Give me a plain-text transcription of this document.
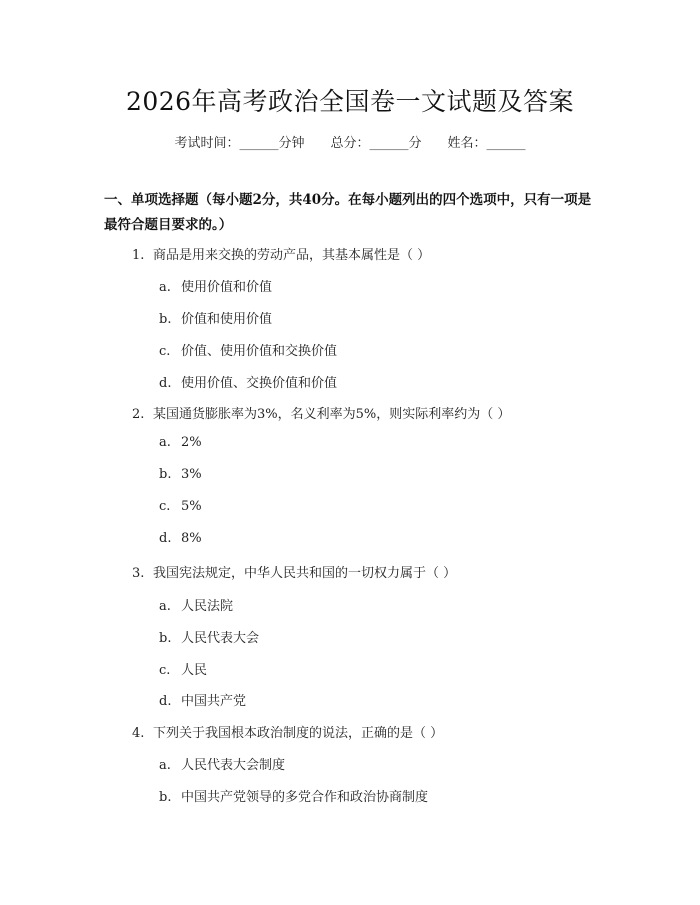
2026年高考政治全国卷一文试题及答案
考试时间：______分钟 总分：______分 姓名：______
一、单项选择题（每小题2分，共40分。在每小题列出的四个选项中，只有一项是最符合题目要求的。）
1. 商品是用来交换的劳动产品，其基本属性是（ ）
a. 使用价值和价值
b. 价值和使用价值
c. 价值、使用价值和交换价值
d. 使用价值、交换价值和价值
2. 某国通货膨胀率为3%，名义利率为5%，则实际利率约为（ ）
a. 2%
b. 3%
c. 5%
d. 8%
3. 我国宪法规定，中华人民共和国的一切权力属于（ ）
a. 人民法院
b. 人民代表大会
c. 人民
d. 中国共产党
4. 下列关于我国根本政治制度的说法，正确的是（ ）
a. 人民代表大会制度
b. 中国共产党领导的多党合作和政治协商制度
